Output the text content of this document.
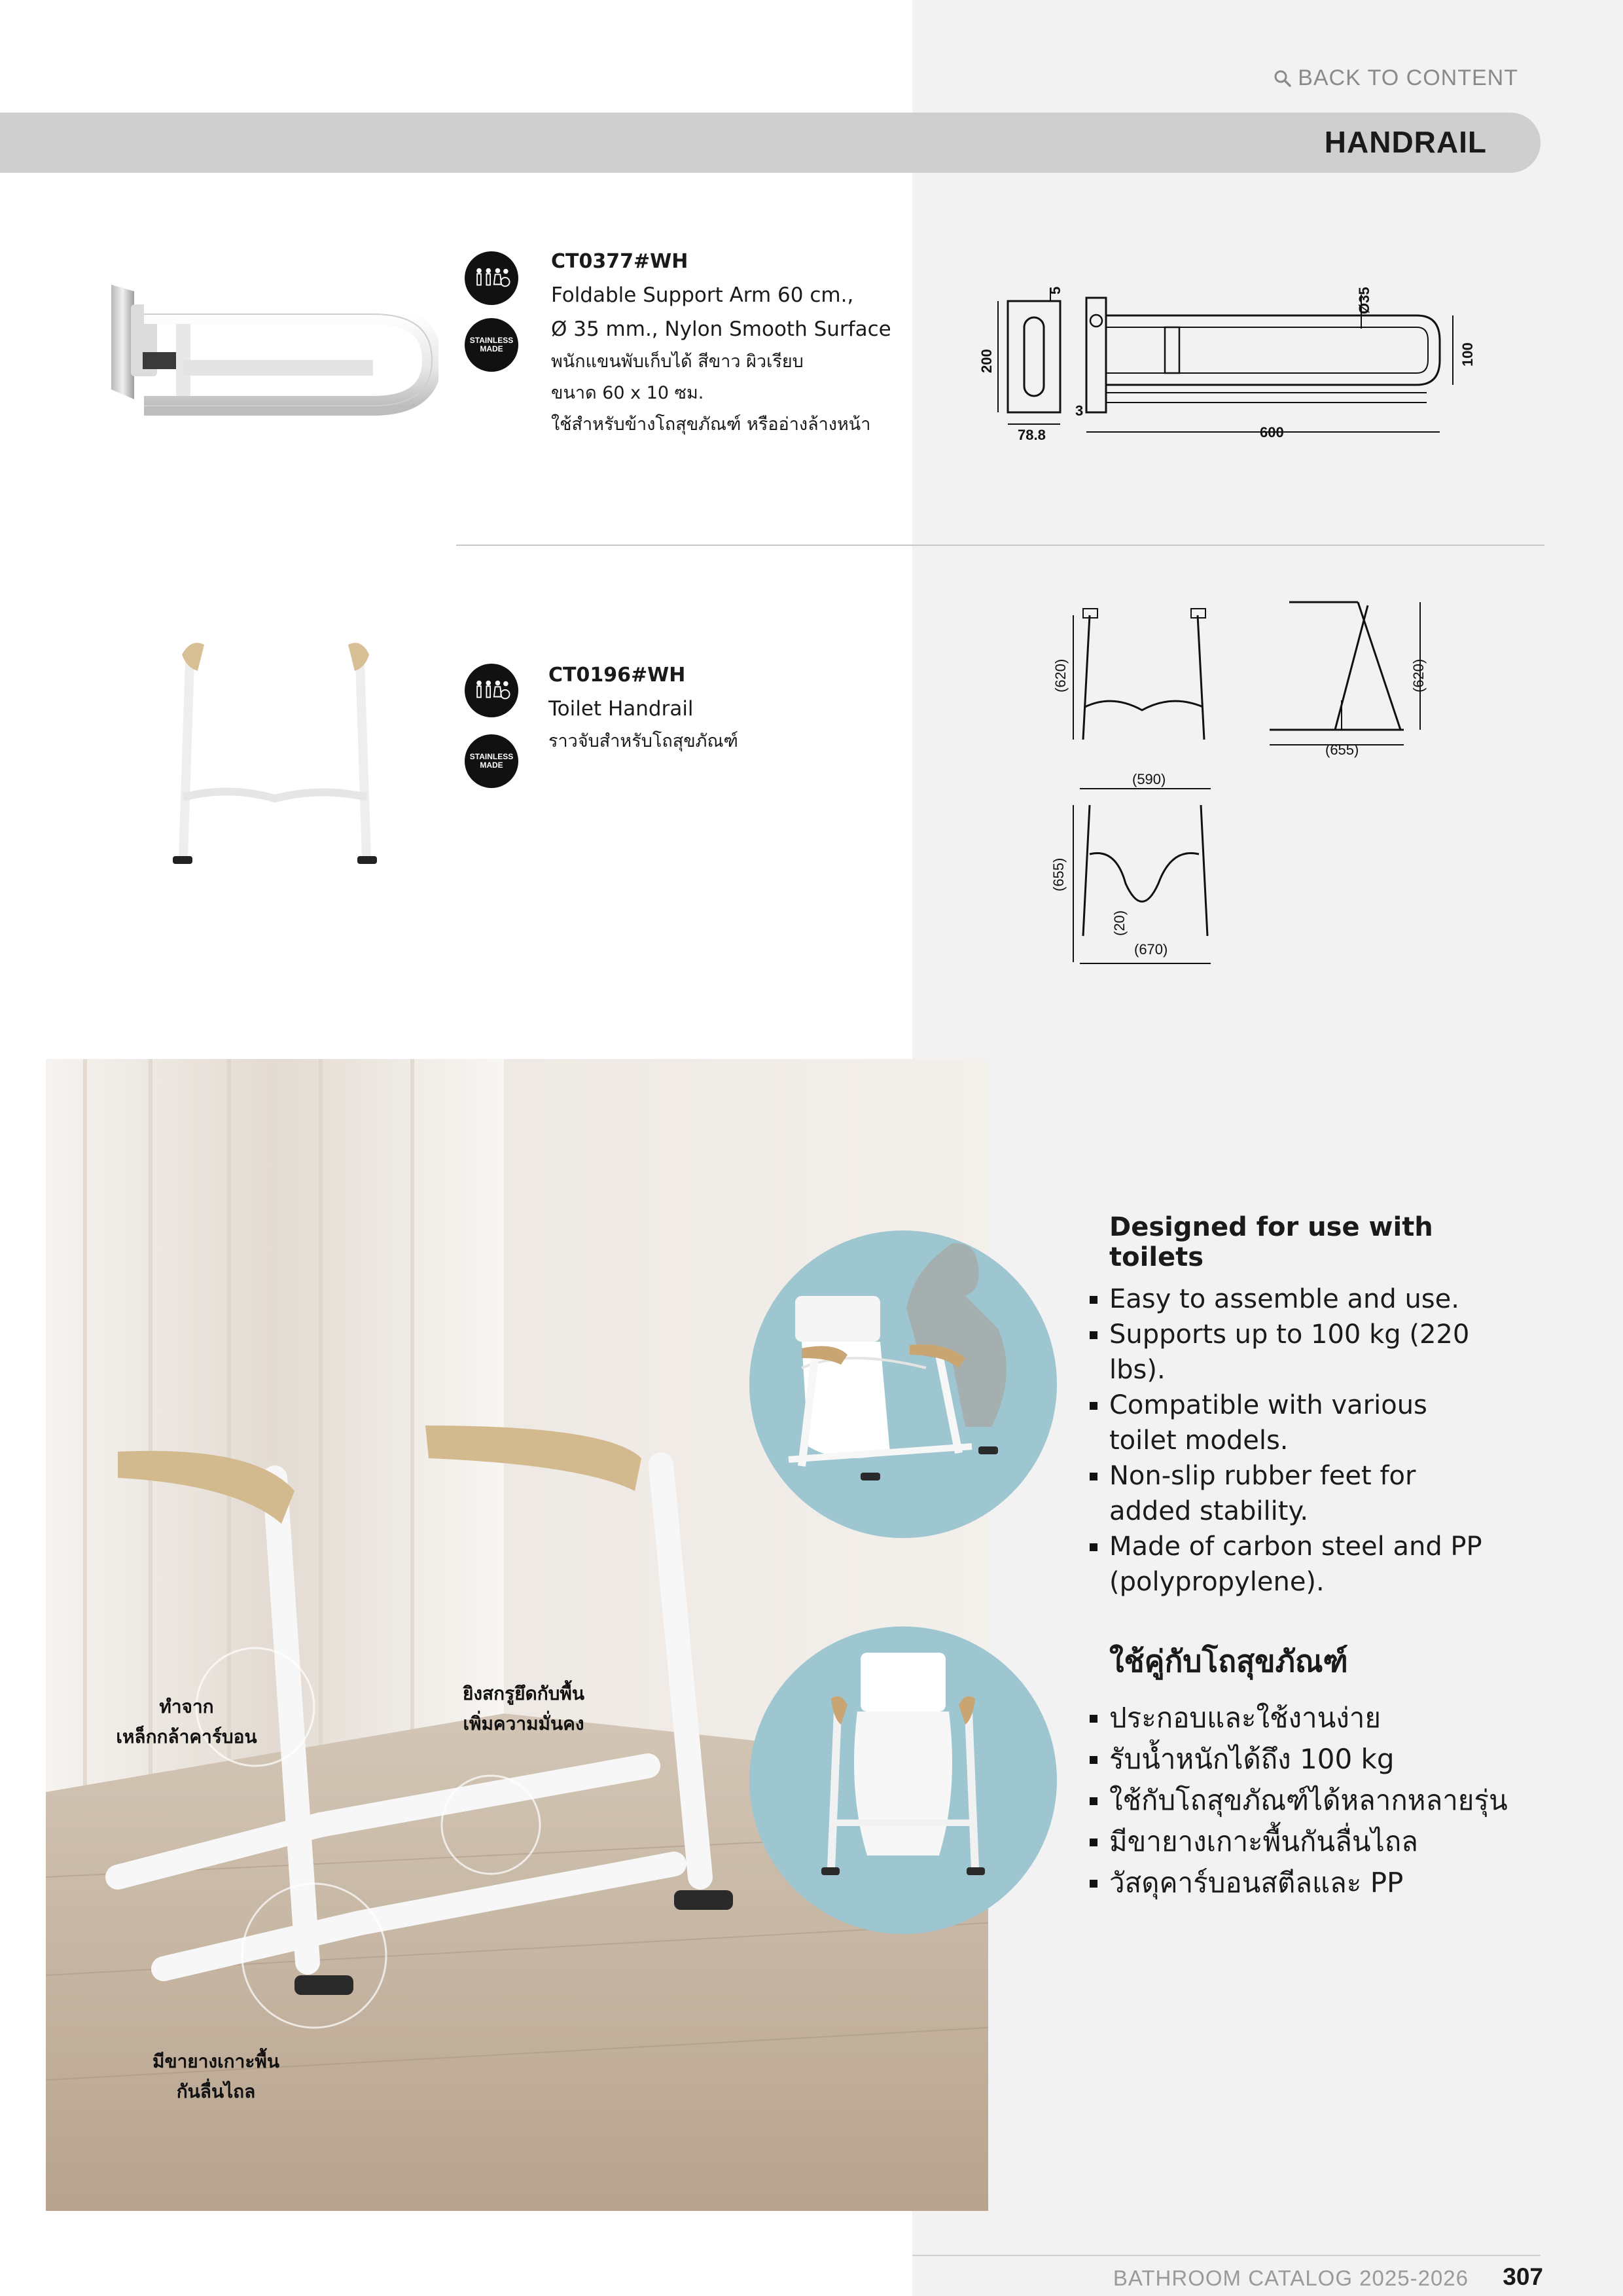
BACK TO CONTENT
HANDRAIL
STAINLESS
MADE
CT0377#WH
Foldable Support Arm 60 cm.,
Ø 35 mm., Nylon Smooth Surface
พนักแขนพับเก็บได้ สีขาว ผิวเรียบ
ขนาด 60 x 10 ซม.
ใช้สำหรับข้างโถสุขภัณฑ์ หรืออ่างล้างหน้า
5
200
78.8
Ø35
100
3
600
STAINLESS
MADE
CT0196#WH
Toilet Handrail
ราวจับสำหรับโถสุขภัณฑ์
(620)	(620)
(655)
(590)
(655)
(20)
(670)
ทำจาก
เหล็กกล้าคาร์บอน
ยิงสกรูยึดกับพื้น
เพิ่มความมั่นคง
มีขายางเกาะพื้น
กันลื่นไถล
Designed for use with toilets
Easy to assemble and use.
Supports up to 100 kg (220 lbs).
Compatible with various toilet models.
Non-slip rubber feet for added stability.
Made of carbon steel and PP (polypropylene).
ใช้คู่กับโถสุขภัณฑ์
ประกอบและใช้งานง่าย
รับน้ำหนักได้ถึง 100 kg
ใช้กับโถสุขภัณฑ์ได้หลากหลายรุ่น
มีขายางเกาะพื้นกันลื่นไถล
วัสดุคาร์บอนสตีลและ PP
BATHROOM CATALOG 2025-2026 307
